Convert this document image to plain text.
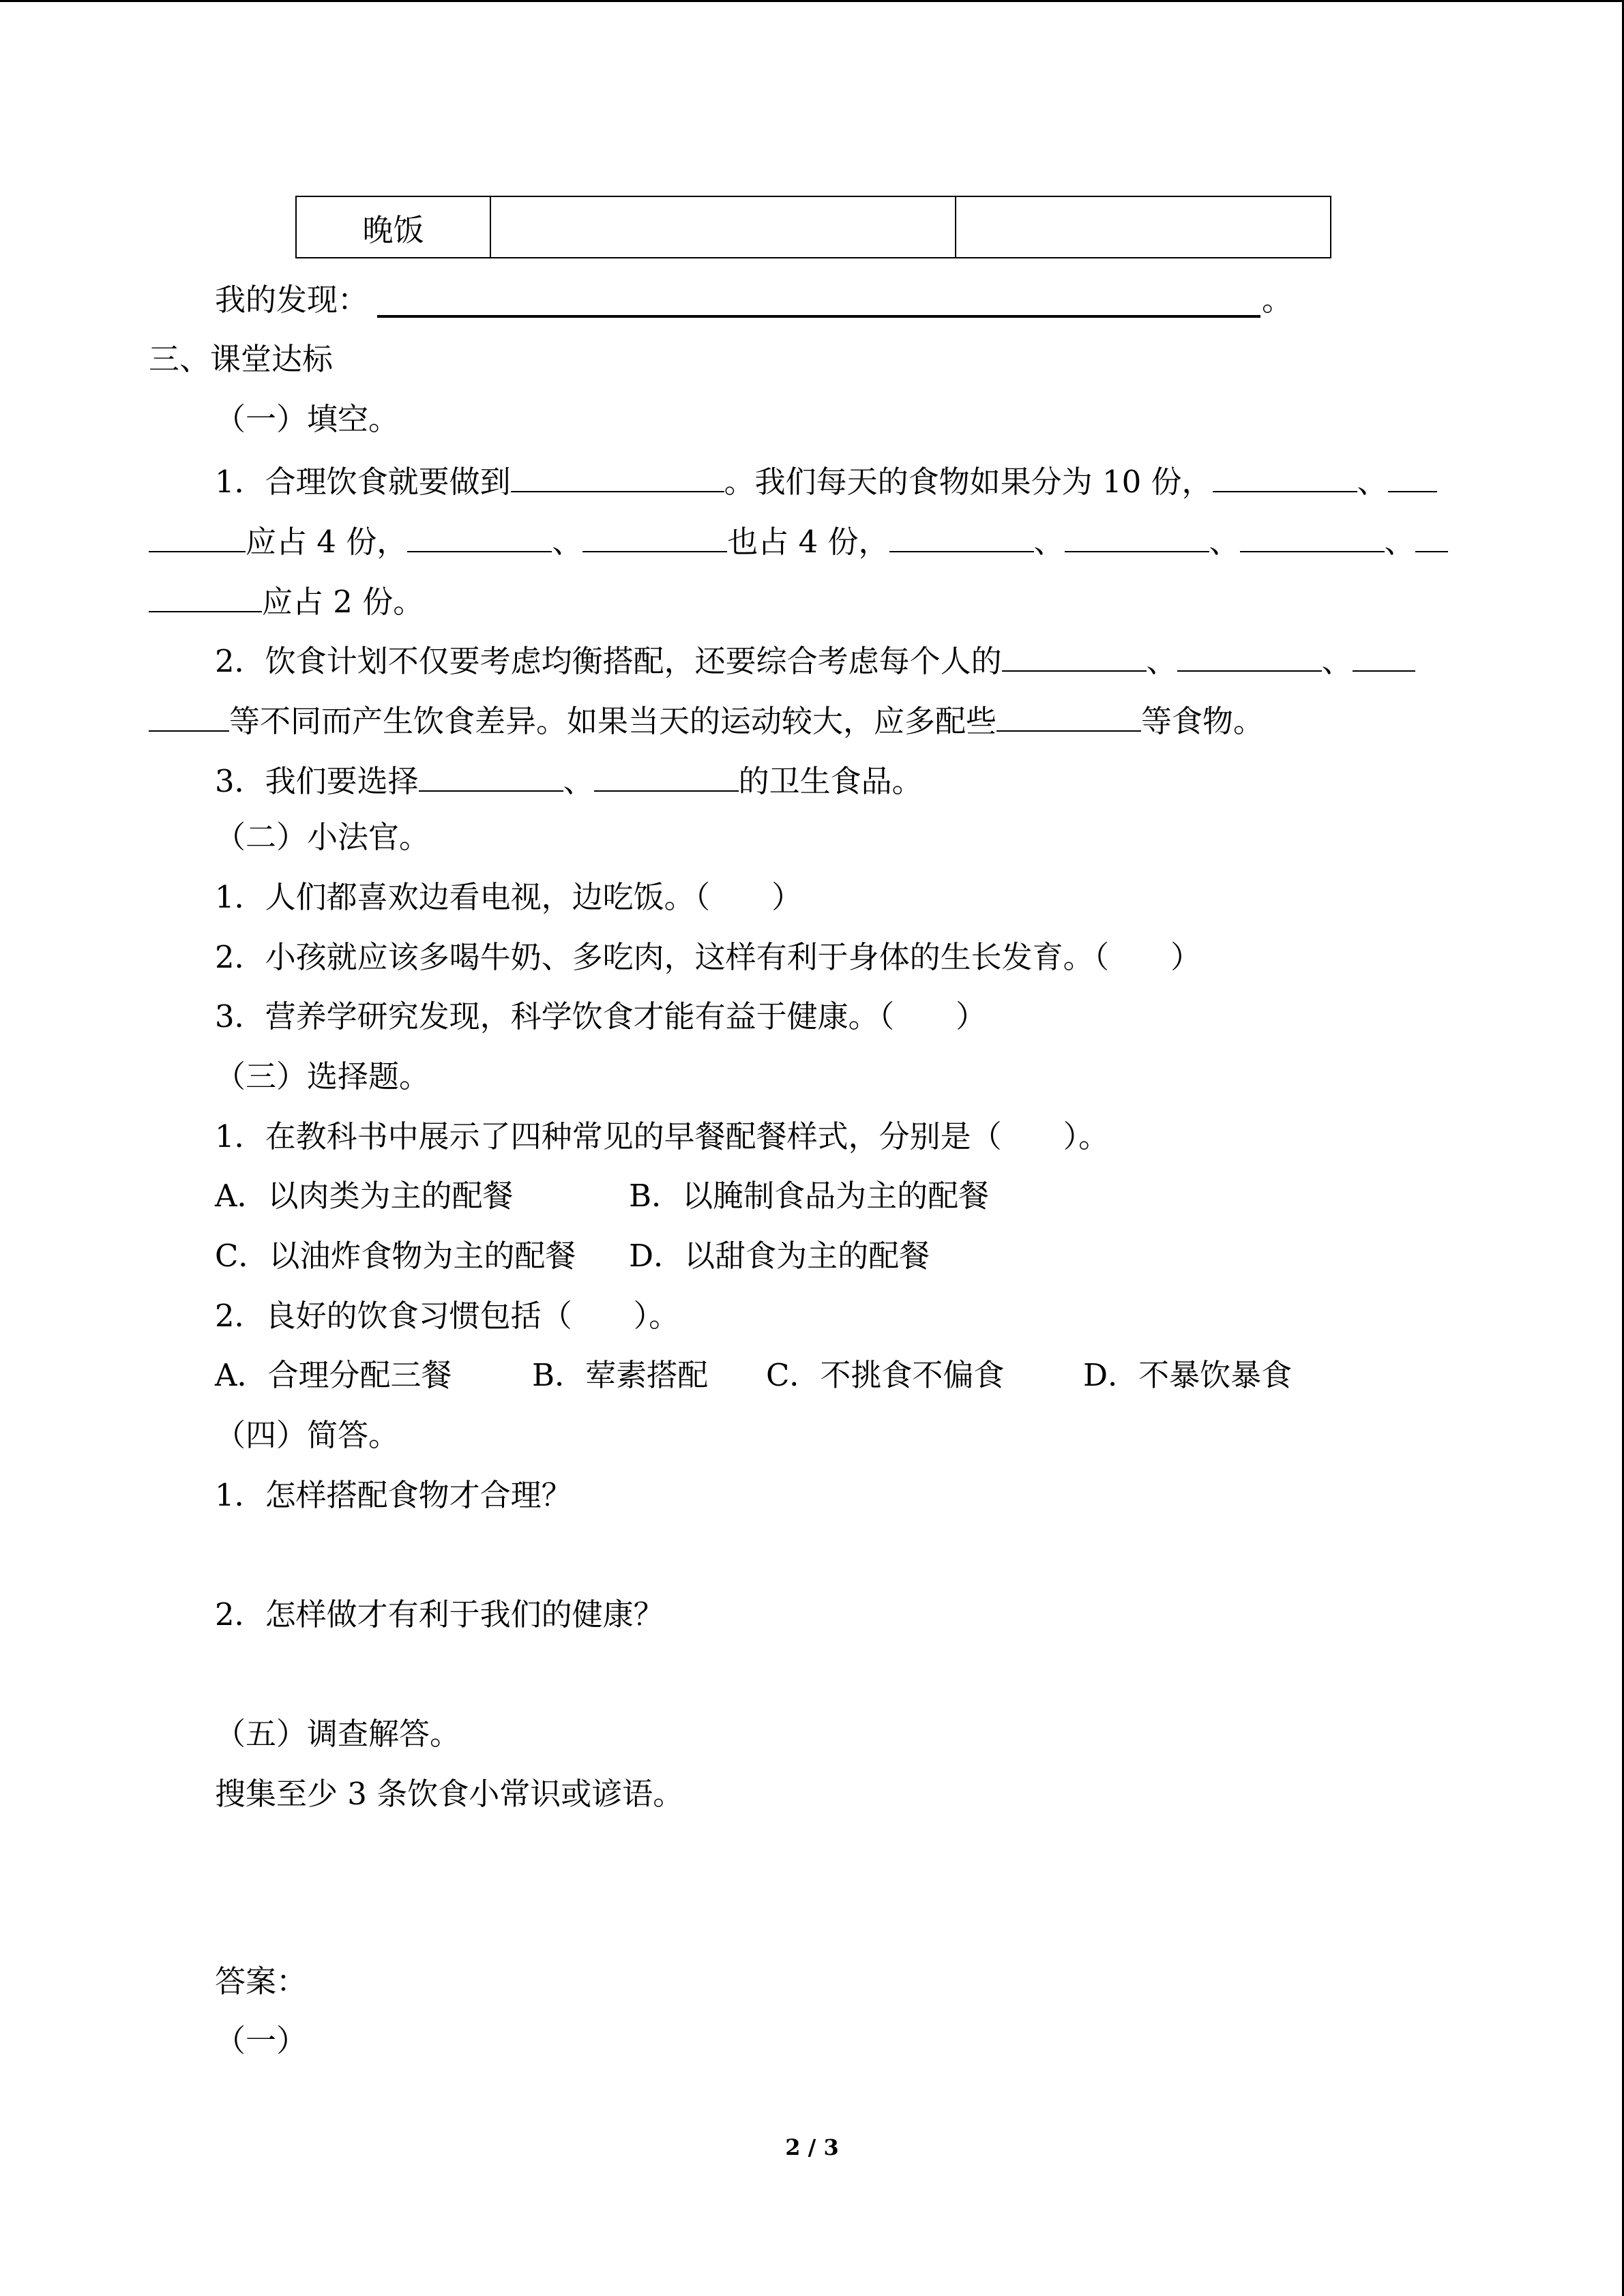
晚饭		
我的发现：	。
三、课堂达标
（一）填空。
1．合理饮食就要做到	。我们每天的食物如果分为 10 份，	、
应占 4 份，	、	也占 4 份，	、	、	、
应占 2 份。
2．饮食计划不仅要考虑均衡搭配，还要综合考虑每个人的	、	、
等不同而产生饮食差异。如果当天的运动较大，应多配些	等食物。
3．我们要选择	、	的卫生食品。
（二）小法官。
1．人们都喜欢边看电视，边吃饭。（　　）
2．小孩就应该多喝牛奶、多吃肉，这样有利于身体的生长发育。（　　）
3．营养学研究发现，科学饮食才能有益于健康。（　　）
（三）选择题。
1．在教科书中展示了四种常见的早餐配餐样式，分别是（　　）。
A．以肉类为主的配餐	B．以腌制食品为主的配餐
C．以油炸食物为主的配餐 D．以甜食为主的配餐
2．良好的饮食习惯包括（　　）。
A．合理分配三餐	B．荤素搭配 C．不挑食不偏食	D．不暴饮暴食
（四）简答。
1．怎样搭配食物才合理？
2．怎样做才有利于我们的健康？
（五）调查解答。
搜集至少 3 条饮食小常识或谚语。
答案：
（一）
2 / 3
